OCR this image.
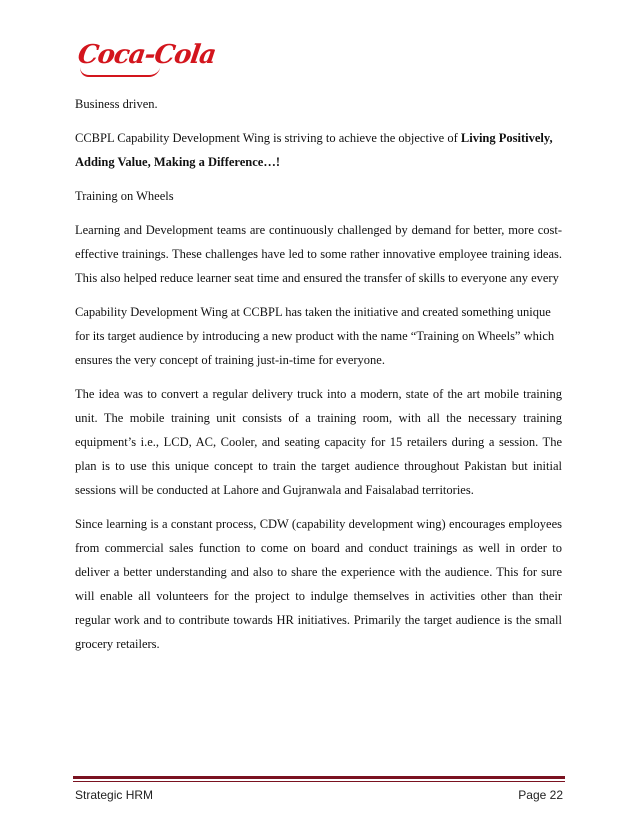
Coca-Cola

Business driven.

CCBPL Capability Development Wing is striving to achieve the objective of Living Positively,
Adding Value, Making a Difference…!

Training on Wheels

Learning and Development teams are continuously challenged by demand for better, more cost-effective trainings. These challenges have led to some rather innovative employee training ideas. This also helped reduce learner seat time and ensured the transfer of skills to everyone any every

Capability Development Wing at CCBPL has taken the initiative and created something unique

for its target audience by introducing a new product with the name “Training on Wheels” which

ensures the very concept of training just-in-time for everyone.

The idea was to convert a regular delivery truck into a modern, state of the art mobile training unit. The mobile training unit consists of a training room, with all the necessary training equipment’s i.e., LCD, AC, Cooler, and seating capacity for 15 retailers during a session. The plan is to use this unique concept to train the target audience throughout Pakistan but initial sessions will be conducted at Lahore and Gujranwala and Faisalabad territories.

Since learning is a constant process, CDW (capability development wing) encourages employees from commercial sales function to come on board and conduct trainings as well in order to deliver a better understanding and also to share the experience with the audience. This for sure will enable all volunteers for the project to indulge themselves in activities other than their regular work and to contribute towards HR initiatives. Primarily the target audience is the small grocery retailers.

Strategic HRM	Page 22
